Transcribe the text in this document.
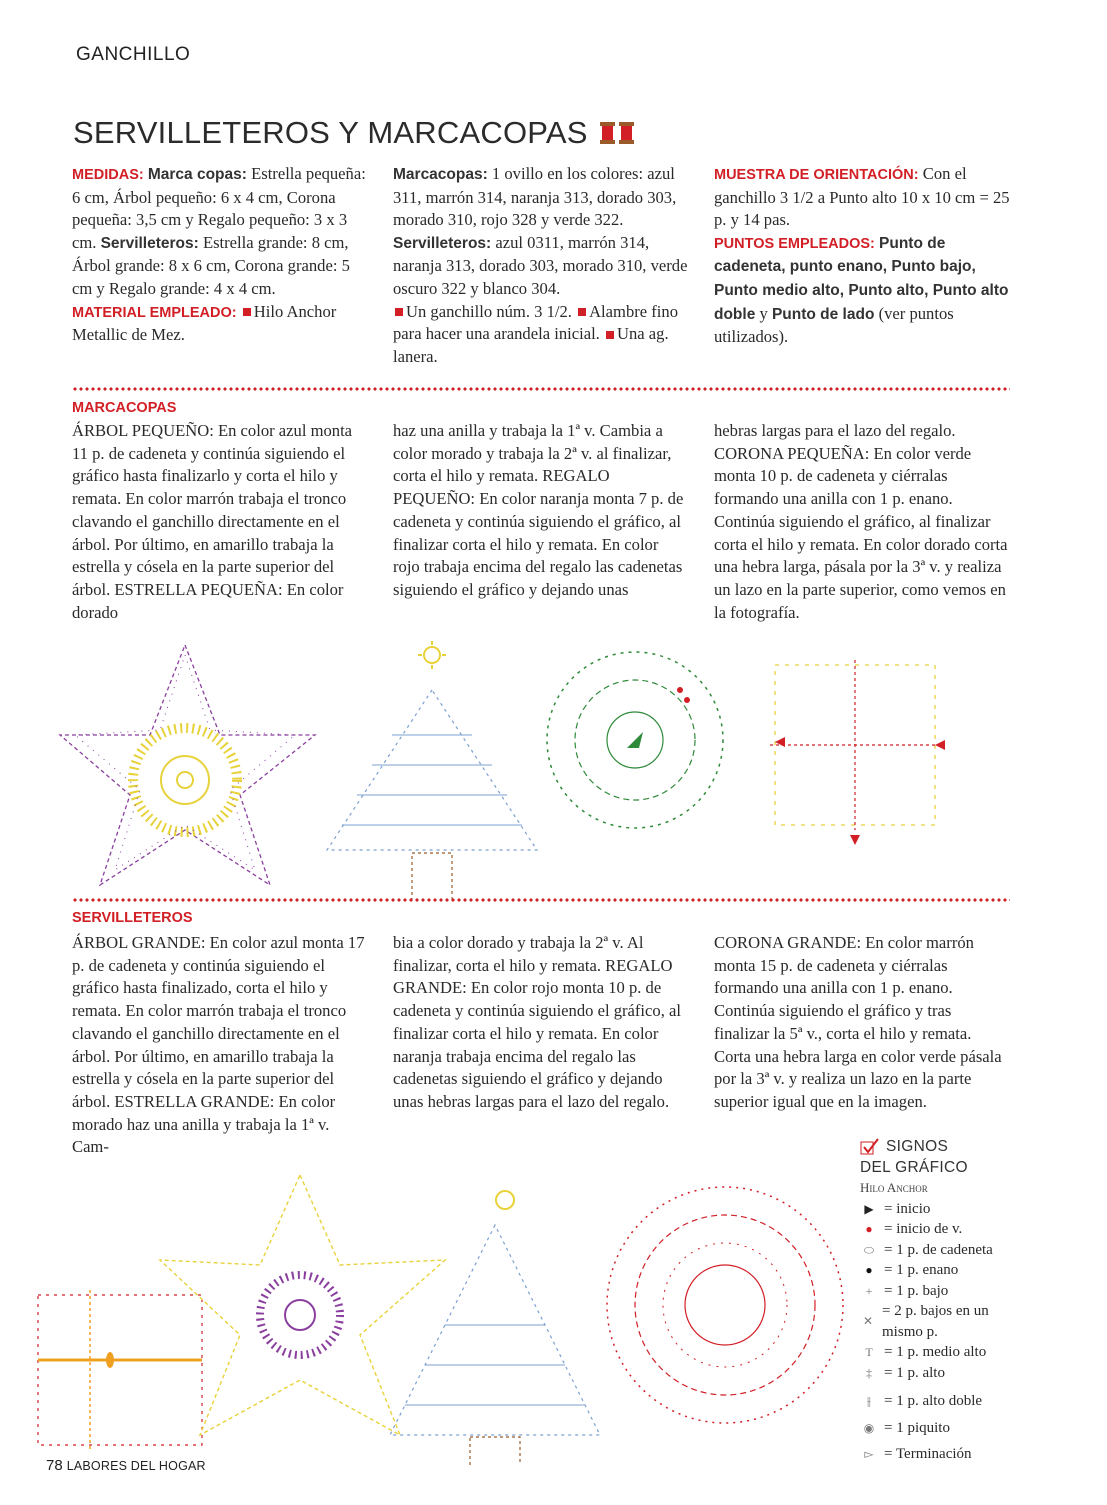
GANCHILLO
SERVILLETEROS Y MARCACOPAS

MEDIDAS: Marca copas: Estrella pequeña: 6 cm, Árbol pequeño: 6 x 4 cm, Corona pequeña: 3,5 cm y Regalo pequeño: 3 x 3 cm. Servilleteros: Estrella grande: 8 cm, Árbol grande: 8 x 6 cm, Corona grande: 5 cm y Regalo grande: 4 x 4 cm.

MATERIAL EMPLEADO: Hilo Anchor Metallic de Mez.

Marcacopas: 1 ovillo en los colores: azul 311, marrón 314, naranja 313, dorado 303, morado 310, rojo 328 y verde 322. Servilleteros: azul 0311, marrón 314, naranja 313, dorado 303, morado 310, verde oscuro 322 y blanco 304.

Un ganchillo núm. 3 1/2. Alambre fino para hacer una arandela inicial. Una ag. lanera.

MUESTRA DE ORIENTACIÓN: Con el ganchillo 3 1/2 a Punto alto 10 x 10 cm = 25 p. y 14 pas.

PUNTOS EMPLEADOS: Punto de cadeneta, punto enano, Punto bajo, Punto medio alto, Punto alto, Punto alto doble y Punto de lado (ver puntos utilizados).

MARCACOPAS

ÁRBOL PEQUEÑO: En color azul monta 11 p. de cadeneta y continúa siguiendo el gráfico hasta finalizarlo y corta el hilo y remata. En color marrón trabaja el tronco clavando el ganchillo directamente en el árbol. Por último, en amarillo trabaja la estrella y cósela en la parte superior del árbol. ESTRELLA PEQUEÑA: En color dorado

haz una anilla y trabaja la 1ª v. Cambia a color morado y trabaja la 2ª v. al finalizar, corta el hilo y remata. REGALO PEQUEÑO: En color naranja monta 7 p. de cadeneta y continúa siguiendo el gráfico, al finalizar corta el hilo y remata. En color rojo trabaja encima del regalo las cadenetas siguiendo el gráfico y dejando unas

hebras largas para el lazo del regalo. CORONA PEQUEÑA: En color verde monta 10 p. de cadeneta y ciérralas formando una anilla con 1 p. enano. Continúa siguiendo el gráfico, al finalizar corta el hilo y remata. En color dorado corta una hebra larga, pásala por la 3ª v. y realiza un lazo en la parte superior, como vemos en la fotografía.

SERVILLETEROS

ÁRBOL GRANDE: En color azul monta 17 p. de cadeneta y continúa siguiendo el gráfico hasta finalizado, corta el hilo y remata. En color marrón trabaja el tronco clavando el ganchillo directamente en el árbol. Por último, en amarillo trabaja la estrella y cósela en la parte superior del árbol. ESTRELLA GRANDE: En color morado haz una anilla y trabaja la 1ª v. Cam-

bia a color dorado y trabaja la 2ª v. Al finalizar, corta el hilo y remata. REGALO GRANDE: En color rojo monta 10 p. de cadeneta y continúa siguiendo el gráfico, al finalizar corta el hilo y remata. En color naranja trabaja encima del regalo las cadenetas siguiendo el gráfico y dejando unas hebras largas para el lazo del regalo.

CORONA GRANDE: En color marrón monta 15 p. de cadeneta y ciérralas formando una anilla con 1 p. enano. Continúa siguiendo el gráfico y tras finalizar la 5ª v., corta el hilo y remata. Corta una hebra larga en color verde pásala por la 3ª v. y realiza un lazo en la parte superior igual que en la imagen.

SIGNOS
DEL GRÁFICO
Hilo Anchor
▶ = inicio
● = inicio de v.
⬭ = 1 p. de cadeneta
● = 1 p. enano
+ = 1 p. bajo
✕
= 2 p. bajos en un mismo p.
T = 1 p. medio alto
‡ = 1 p. alto
⫲ = 1 p. alto doble
◉ = 1 piquito
▻ = Terminación
78 LABORES DEL HOGAR
